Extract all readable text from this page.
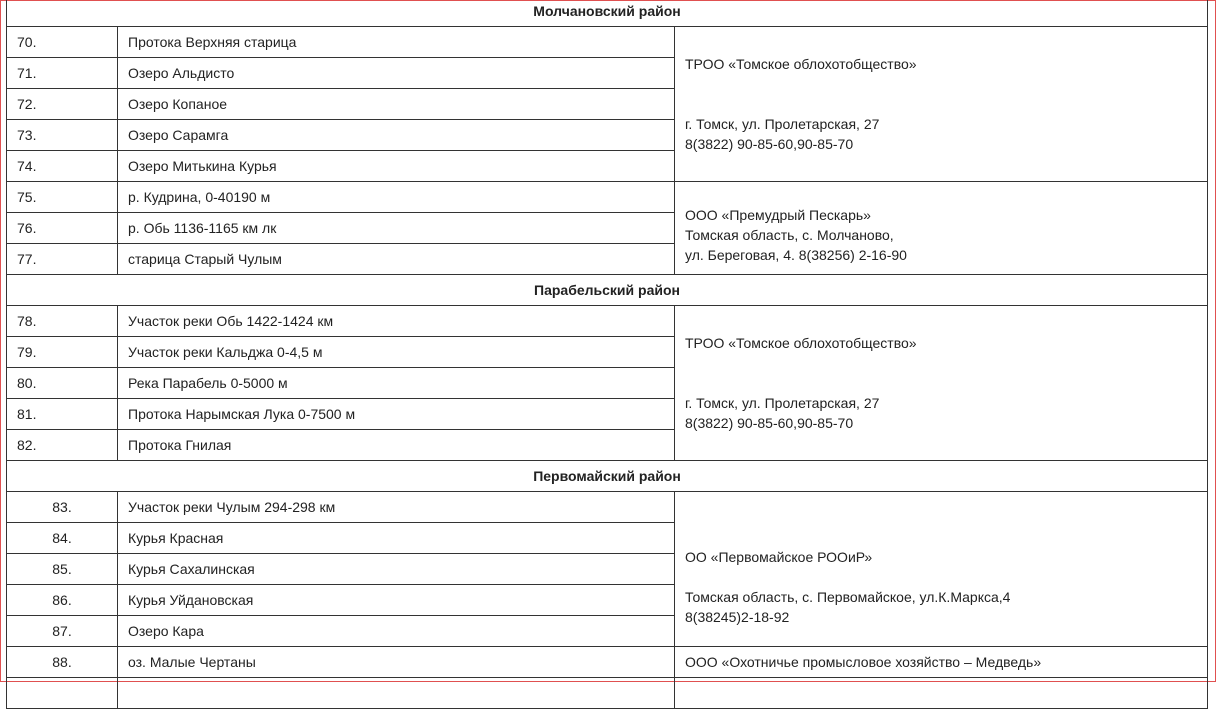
Молчановский район		
70.	Протока Верхняя старица	ТРОО «Томское облохотобщество»
г. Томск, ул. Пролетарская, 27
8(3822) 90-85-60,90-85-70

71.	Озеро Альдисто	
72.	Озеро Копаное	
73.	Озеро Сарамга	
74.	Озеро Митькина Курья	
75.	р. Кудрина, 0-40190 м	ООО «Премудрый Пескарь»
Томская область, с. Молчаново,
ул. Береговая, 4. 8(38256) 2-16-90

76.	р. Обь 1136-1165 км лк	
77.	старица Старый Чулым	
Парабельский район		
78.	Участок реки Обь 1422-1424 км	ТРОО «Томское облохотобщество»
г. Томск, ул. Пролетарская, 27
8(3822) 90-85-60,90-85-70

79.	Участок реки Кальджа 0-4,5 м	
80.	Река Парабель 0-5000 м	
81.	Протока Нарымская Лука 0-7500 м	
82.	Протока Гнилая	
Первомайский район		
83.	Участок реки Чулым 294-298 км	ОО «Первомайское РООиР»
Томская область, с. Первомайское, ул.К.Маркса,4
8(38245)2-18-92

84.	Курья Красная	
85.	Курья Сахалинская	
86.	Курья Уйдановская	
87.	Озеро Кара	
88.	оз. Малые Чертаны	ООО «Охотничье промысловое хозяйство – Медведь»
